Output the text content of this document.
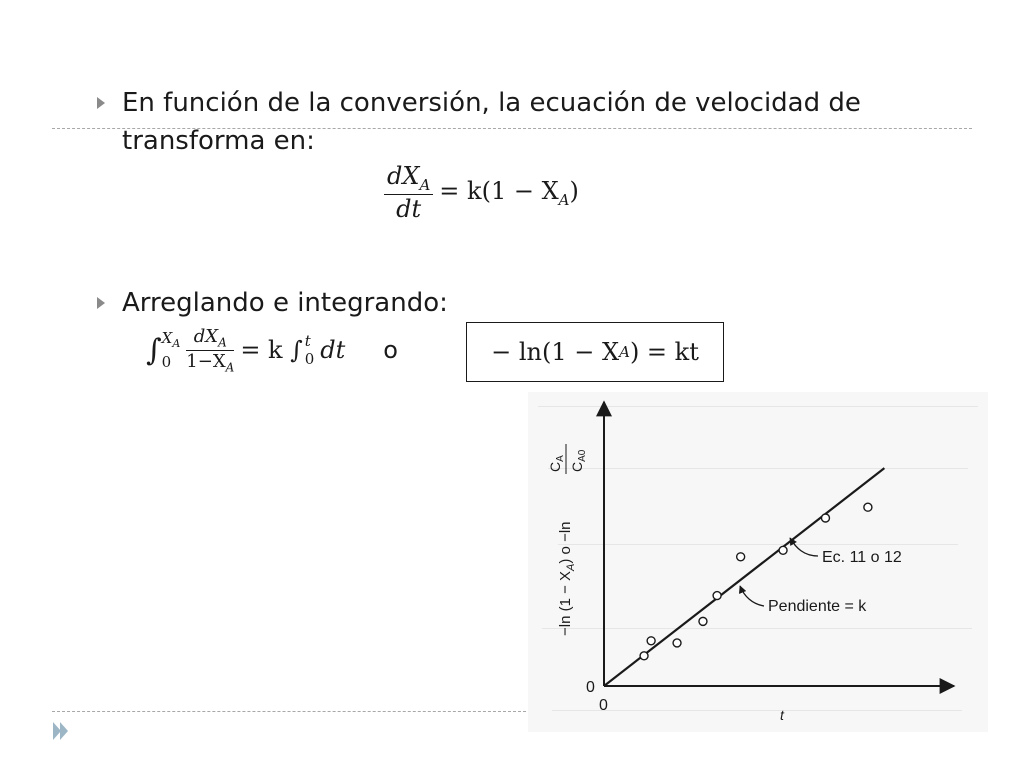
En función de la conversión, la ecuación de velocidad de
transforma en:
$\frac{dX_A}{dt} = k(1 - X_A)$
Arreglando e integrando:
∫ $X_A$
$0 \frac{dX_A}{1-X_A} = k$ ∫ t
0 dt o	− ln(1 − X A ) = kt
0
0
t
−ln $(1 - X_A)$ o −ln
$C_A$
$C_{A0}$
Ec. 11 o 12
Pendiente = k
